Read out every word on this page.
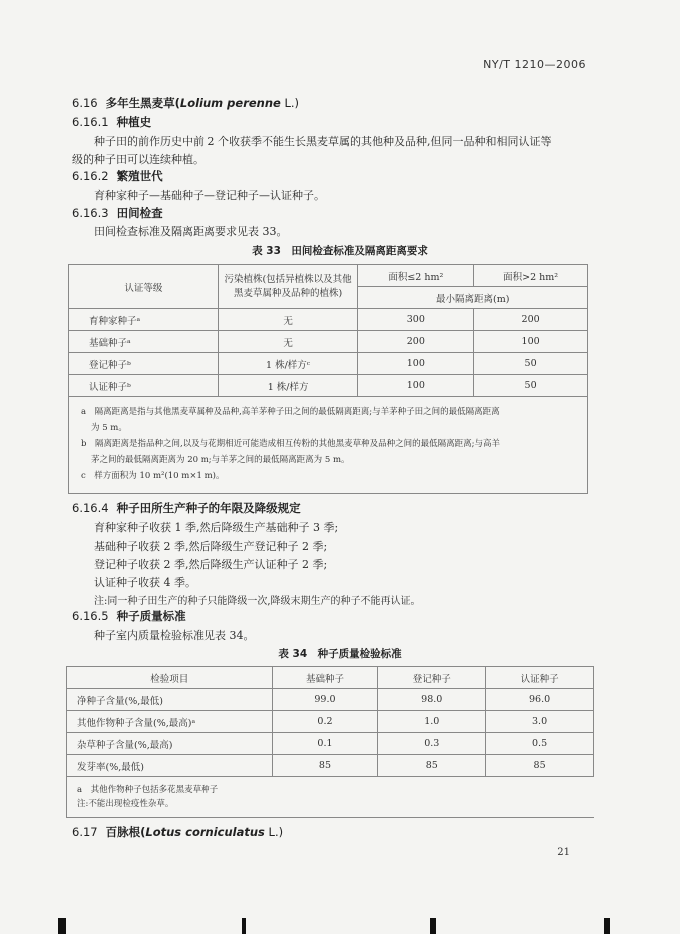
NY/T 1210—2006
6.16 多年生黑麦草(Lolium perenne L.)
6.16.1 种植史
种子田的前作历史中前 2 个收获季不能生长黑麦草属的其他种及品种,但同一品种和相同认证等
级的种子田可以连续种植。
6.16.2 繁殖世代
育种家种子—基础种子—登记种子—认证种子。
6.16.3 田间检查
田间检查标准及隔离距离要求见表 33。
表 33　田间检查标准及隔离距离要求
认证等级	污染植株(包括异植株以及其他黑麦草属种及品种的植株)	面积≤2 hm²	面积>2 hm²
		最小隔离距离(m)	
育种家种子ᵃ	无	300	200
基础种子ᵃ	无	200	100
登记种子ᵇ	1 株/样方ᶜ	100	50
认证种子ᵇ	1 株/样方	100	50

a　隔离距离是指与其他黑麦草属种及品种,高羊茅种子田之间的最低隔离距离;与羊茅种子田之间的最低隔离距离
为 5 m。
b　隔离距离是指品种之间,以及与花期相近可能造成相互传粉的其他黑麦草种及品种之间的最低隔离距离;与高羊
茅之间的最低隔离距离为 20 m;与羊茅之间的最低隔离距离为 5 m。
c　样方面积为 10 m²(10 m×1 m)。			
6.16.4 种子田所生产种子的年限及降级规定
育种家种子收获 1 季,然后降级生产基础种子 3 季;
基础种子收获 2 季,然后降级生产登记种子 2 季;
登记种子收获 2 季,然后降级生产认证种子 2 季;
认证种子收获 4 季。
注:同一种子田生产的种子只能降级一次,降级末期生产的种子不能再认证。
6.16.5 种子质量标准
种子室内质量检验标准见表 34。
表 34　种子质量检验标准
检验项目	基础种子	登记种子	认证种子
净种子含量(%,最低)	99.0	98.0	96.0
其他作物种子含量(%,最高)ᵃ	0.2	1.0	3.0
杂草种子含量(%,最高)	0.1	0.3	0.5
发芽率(%,最低)	85	85	85

a　其他作物种子包括多花黑麦草种子
注:不能出现检疫性杂草。			
6.17 百脉根(Lotus corniculatus L.)
21
